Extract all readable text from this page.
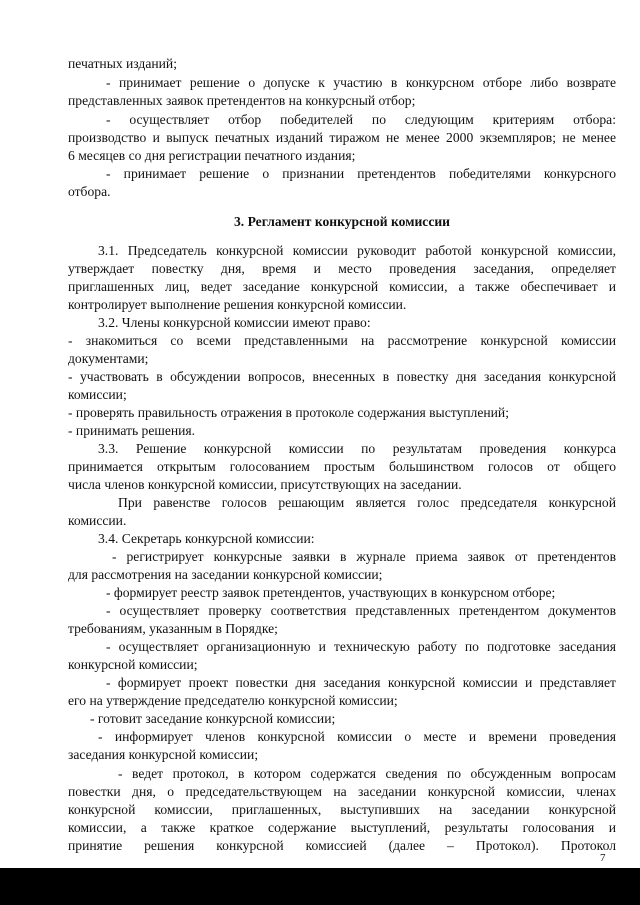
печатных изданий;

- принимает решение о допуске к участию в конкурсном отборе либо возврате

представленных заявок претендентов на конкурсный отбор;

- осуществляет отбор победителей по следующим критериям отбора:

производство и выпуск печатных изданий тиражом не менее 2000 экземпляров; не менее

6 месяцев со дня регистрации печатного издания;

- принимает решение о признании претендентов победителями конкурсного

отбора.

3. Регламент конкурсной комиссии

3.1. Председатель конкурсной комиссии руководит работой конкурсной комиссии,

утверждает повестку дня, время и место проведения заседания, определяет

приглашенных лиц, ведет заседание конкурсной комиссии, а также обеспечивает и

контролирует выполнение решения конкурсной комиссии.

3.2. Члены конкурсной комиссии имеют право:

- знакомиться со всеми представленными на рассмотрение конкурсной комиссии

документами;

- участвовать в обсуждении вопросов, внесенных в повестку дня заседания конкурсной

комиссии;

- проверять правильность отражения в протоколе содержания выступлений;

- принимать решения.

3.3. Решение конкурсной комиссии по результатам проведения конкурса

принимается открытым голосованием простым большинством голосов от общего

числа членов конкурсной комиссии, присутствующих на заседании.

При равенстве голосов решающим является голос председателя конкурсной

комиссии.

3.4. Секретарь конкурсной комиссии:

- регистрирует конкурсные заявки в журнале приема заявок от претендентов

для рассмотрения на заседании конкурсной комиссии;

- формирует реестр заявок претендентов, участвующих в конкурсном отборе;

- осуществляет проверку соответствия представленных претендентом документов

требованиям, указанным в Порядке;

- осуществляет организационную и техническую работу по подготовке заседания

конкурсной комиссии;

- формирует проект повестки дня заседания конкурсной комиссии и представляет

его на утверждение председателю конкурсной комиссии;

- готовит заседание конкурсной комиссии;

- информирует членов конкурсной комиссии о месте и времени проведения

заседания конкурсной комиссии;

- ведет протокол, в котором содержатся сведения по обсужденным вопросам

повестки дня, о председательствующем на заседании конкурсной комиссии, членах

конкурсной комиссии, приглашенных, выступивших на заседании конкурсной

комиссии, а также краткое содержание выступлений, результаты голосования и

принятие решения конкурсной комиссией (далее – Протокол). Протокол

7
